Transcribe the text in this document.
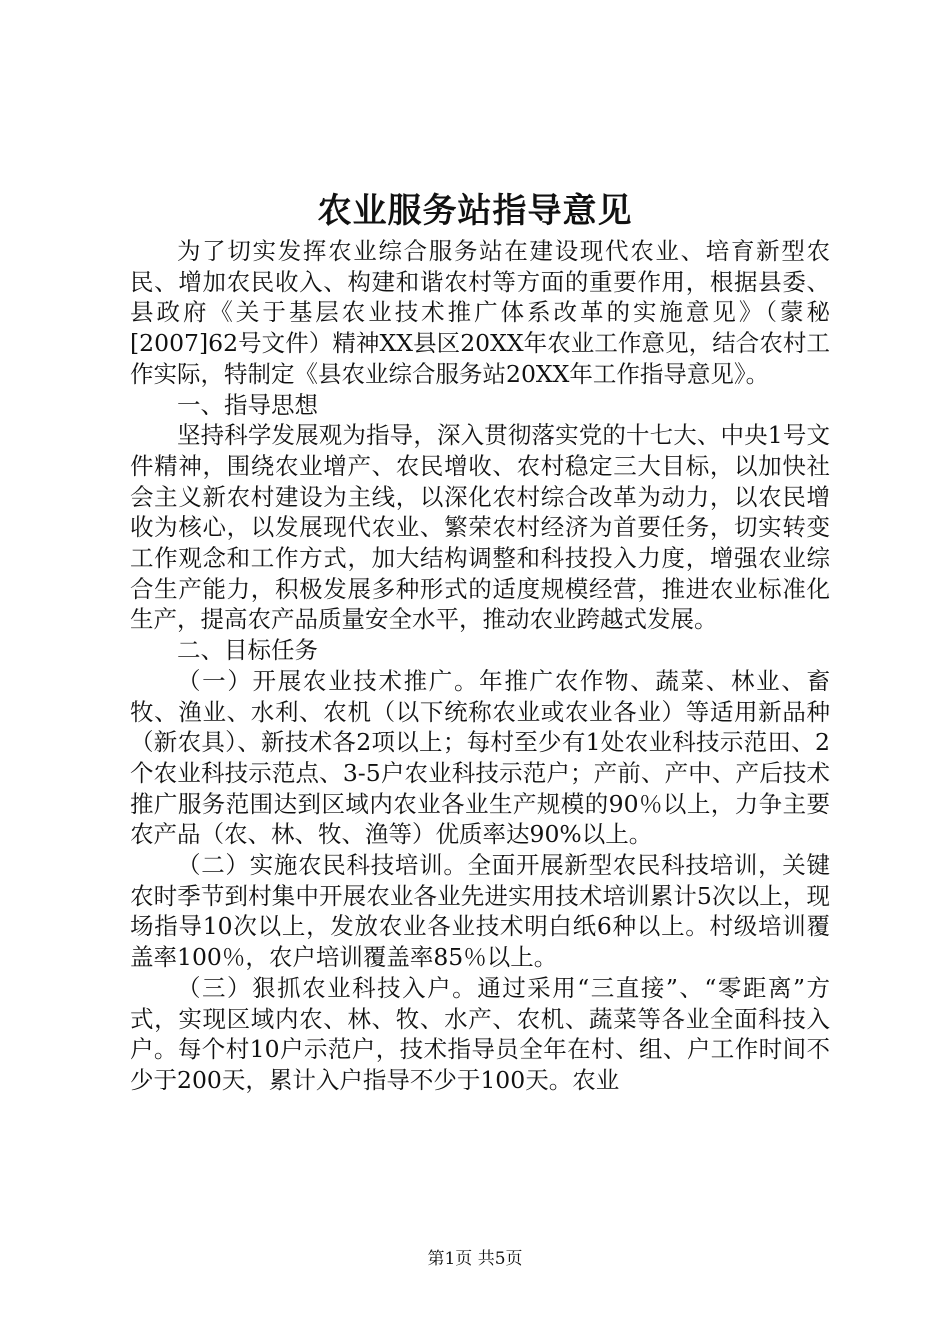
农业服务站指导意见

为了切实发挥农业综合服务站在建设现代农业、培育新型农民、增加农民收入、构建和谐农村等方面的重要作用，根据县委、县政府《关于基层农业技术推广体系改革的实施意见》（蒙秘[2007]62号文件）精神XX县区20XX年农业工作意见，结合农村工作实际，特制定《县农业综合服务站20XX年工作指导意见》。

一、指导思想

坚持科学发展观为指导，深入贯彻落实党的十七大、中央1号文件精神，围绕农业增产、农民增收、农村稳定三大目标，以加快社会主义新农村建设为主线，以深化农村综合改革为动力，以农民增收为核心，以发展现代农业、繁荣农村经济为首要任务，切实转变工作观念和工作方式，加大结构调整和科技投入力度，增强农业综合生产能力，积极发展多种形式的适度规模经营，推进农业标准化生产，提高农产品质量安全水平，推动农业跨越式发展。

二、目标任务

（一）开展农业技术推广。年推广农作物、蔬菜、林业、畜牧、渔业、水利、农机（以下统称农业或农业各业）等适用新品种（新农具）、新技术各2项以上；每村至少有1处农业科技示范田、2个农业科技示范点、3-5户农业科技示范户；产前、产中、产后技术推广服务范围达到区域内农业各业生产规模的90％以上，力争主要农产品（农、林、牧、渔等）优质率达90%以上。

（二）实施农民科技培训。全面开展新型农民科技培训，关键农时季节到村集中开展农业各业先进实用技术培训累计5次以上，现场指导10次以上，发放农业各业技术明白纸6种以上。村级培训覆盖率100％，农户培训覆盖率85％以上。

（三）狠抓农业科技入户。通过采用“三直接”、“零距离”方式，实现区域内农、林、牧、水产、农机、蔬菜等各业全面科技入户。每个村10户示范户，技术指导员全年在村、组、户工作时间不少于200天，累计入户指导不少于100天。农业

第1页 共5页
